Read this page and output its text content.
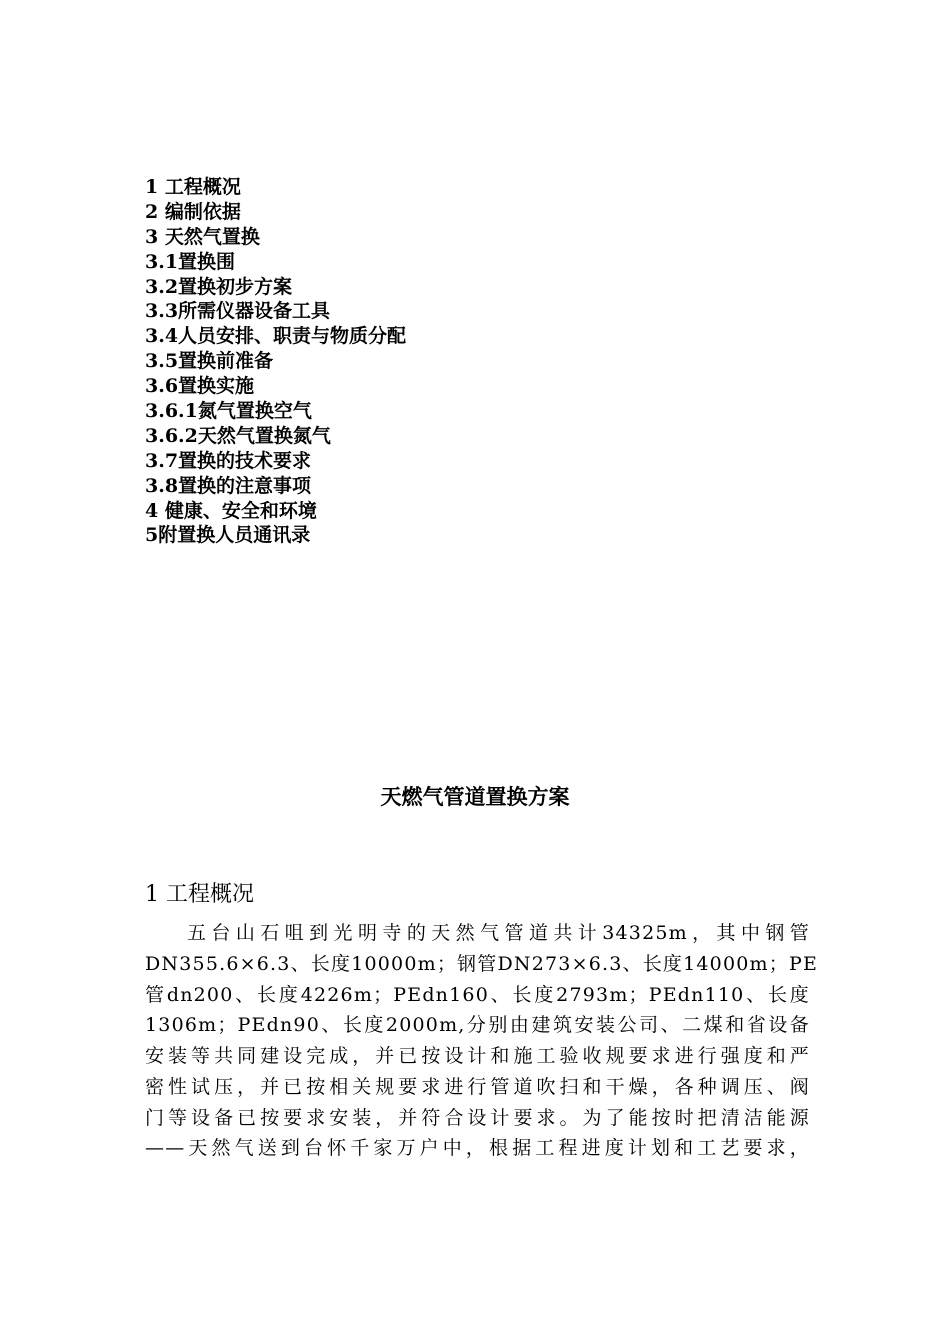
1 工程概况
2 编制依据
3 天然气置换
3.1置换围
3.2置换初步方案
3.3所需仪器设备工具
3.4人员安排、职责与物质分配
3.5置换前准备
3.6置换实施
3.6.1氮气置换空气
3.6.2天然气置换氮气
3.7置换的技术要求
3.8置换的注意事项
4 健康、安全和环境
5附置换人员通讯录
天燃气管道置换方案
1 工程概况
五台山石咀到光明寺的天然气管道共计34325m，其中钢管
DN355.6×6.3、长度10000m；钢管DN273×6.3、长度14000m；PE
管dn200、长度4226m；PEdn160、长度2793m；PEdn110、长度
1306m；PEdn90、长度2000m,分别由建筑安装公司、二煤和省设备
安装等共同建设完成，并已按设计和施工验收规要求进行强度和严
密性试压，并已按相关规要求进行管道吹扫和干燥，各种调压、阀
门等设备已按要求安装，并符合设计要求。为了能按时把清洁能源
——天然气送到台怀千家万户中，根据工程进度计划和工艺要求，
